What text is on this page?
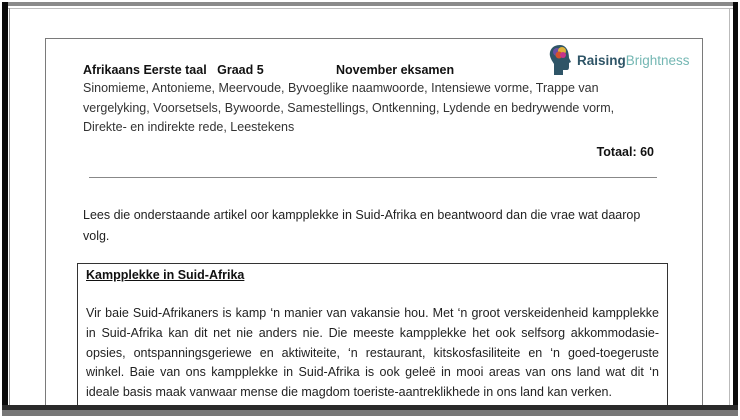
RaisingBrightness
Afrikaans Eerste taal Graad 5	November eksamen
Sinomieme, Antonieme, Meervoude, Byvoeglike naamwoorde, Intensiewe vorme, Trappe van vergelyking, Voorsetsels, Bywoorde, Samestellings, Ontkenning, Lydende en bedrywende vorm, Direkte- en indirekte rede, Leestekens
Totaal: 60
Lees die onderstaande artikel oor kampplekke in Suid-Afrika en beantwoord dan die vrae wat daarop volg.
Kampplekke in Suid-Afrika
Vir baie Suid-Afrikaners is kamp ‘n manier van vakansie hou. Met ‘n groot verskeidenheid kampplekke in Suid-Afrika kan dit net nie anders nie. Die meeste kampplekke het ook selfsorg akkommodasie-opsies, ontspanningsgeriewe en aktiwiteite, ‘n restaurant, kitskosfasiliteite en ‘n goed-toegeruste winkel. Baie van ons kampplekke in Suid-Afrika is ook geleë in mooi areas van ons land wat dit ‘n ideale basis maak vanwaar mense die magdom toeriste-aantreklikhede in ons land kan verken.
